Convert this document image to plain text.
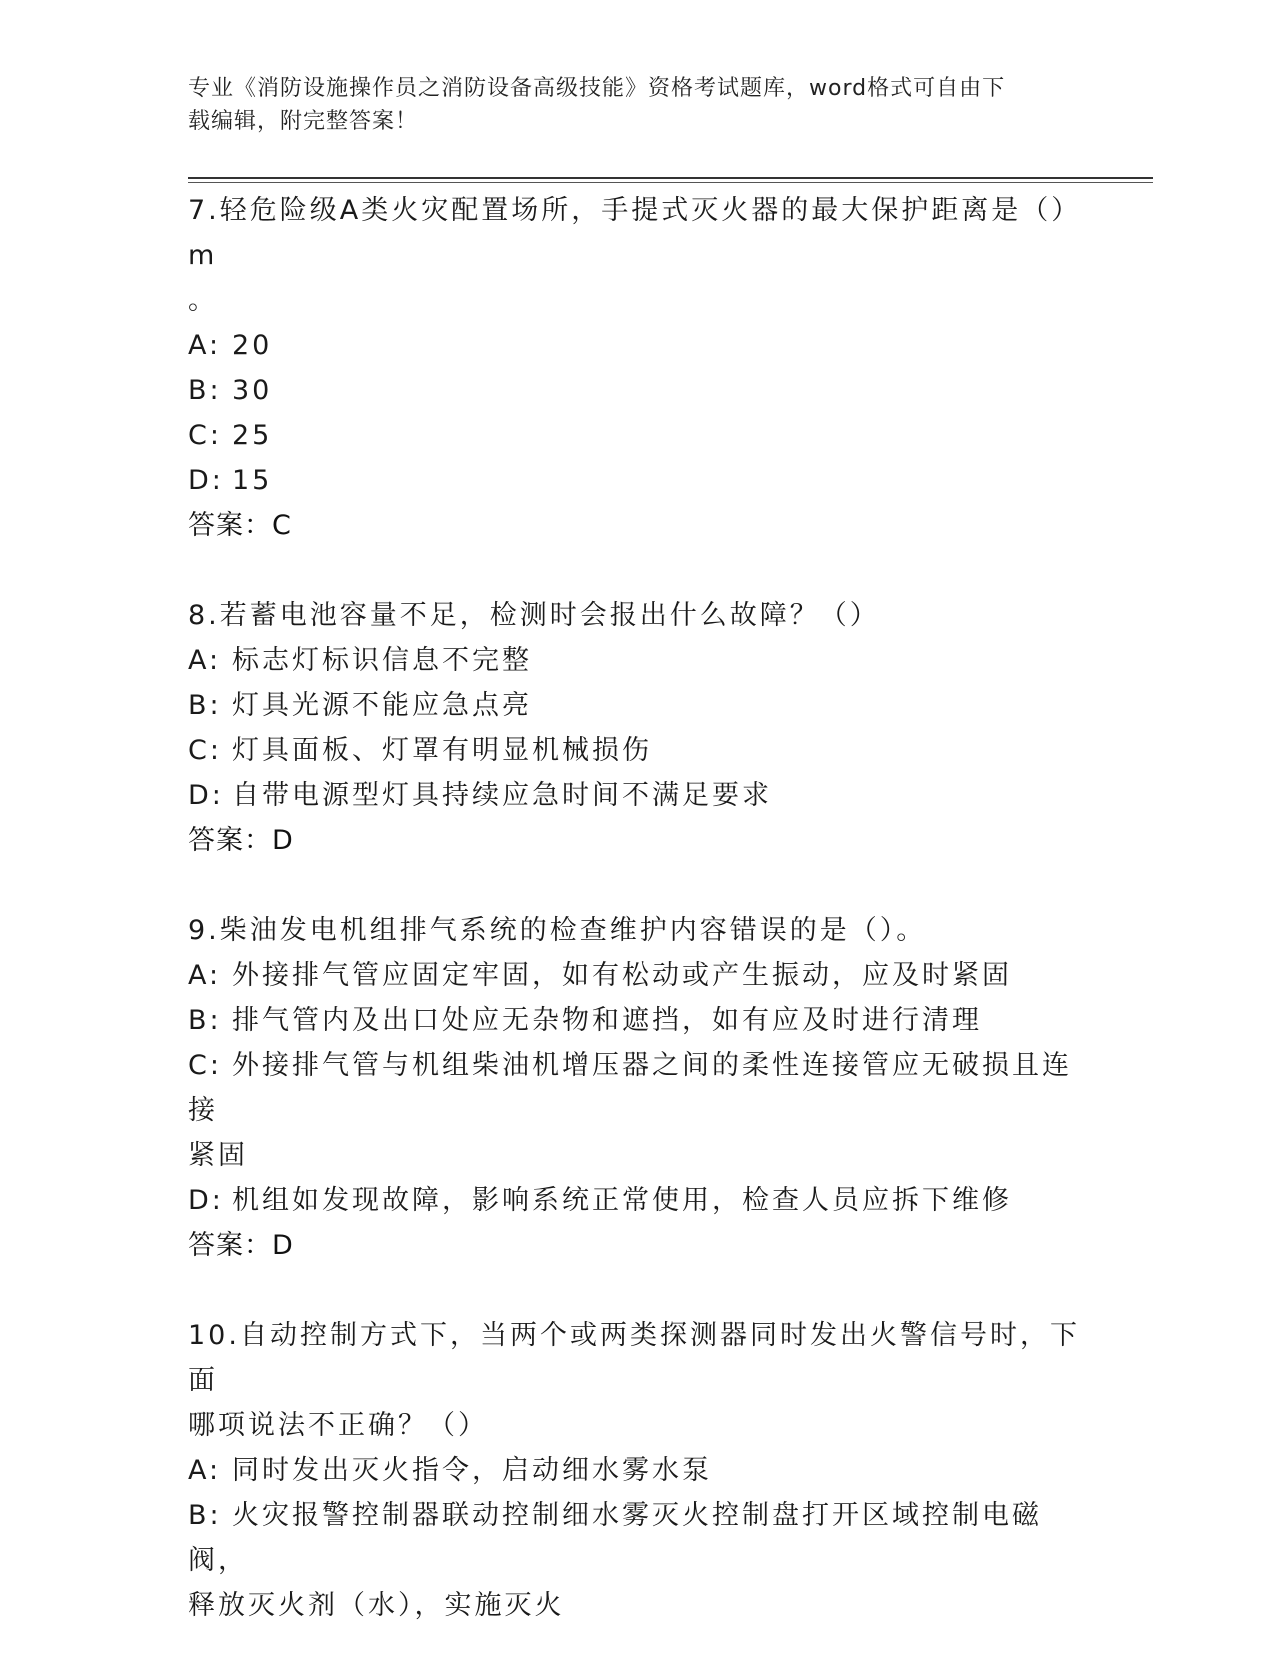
专业《消防设施操作员之消防设备高级技能》资格考试题库，word格式可自由下
载编辑，附完整答案！
7.轻危险级A类火灾配置场所，手提式灭火器的最大保护距离是（）m
。
A: 20
B: 30
C: 25
D: 15
答案：C
8.若蓄电池容量不足，检测时会报出什么故障？（）
A: 标志灯标识信息不完整
B: 灯具光源不能应急点亮
C: 灯具面板、灯罩有明显机械损伤
D: 自带电源型灯具持续应急时间不满足要求
答案：D
9.柴油发电机组排气系统的检查维护内容错误的是（）。
A: 外接排气管应固定牢固，如有松动或产生振动，应及时紧固
B: 排气管内及出口处应无杂物和遮挡，如有应及时进行清理
C: 外接排气管与机组柴油机增压器之间的柔性连接管应无破损且连接
紧固
D: 机组如发现故障，影响系统正常使用，检查人员应拆下维修
答案：D
10.自动控制方式下，当两个或两类探测器同时发出火警信号时，下面
哪项说法不正确？（）
A: 同时发出灭火指令，启动细水雾水泵
B: 火灾报警控制器联动控制细水雾灭火控制盘打开区域控制电磁阀，
释放灭火剂（水），实施灭火
